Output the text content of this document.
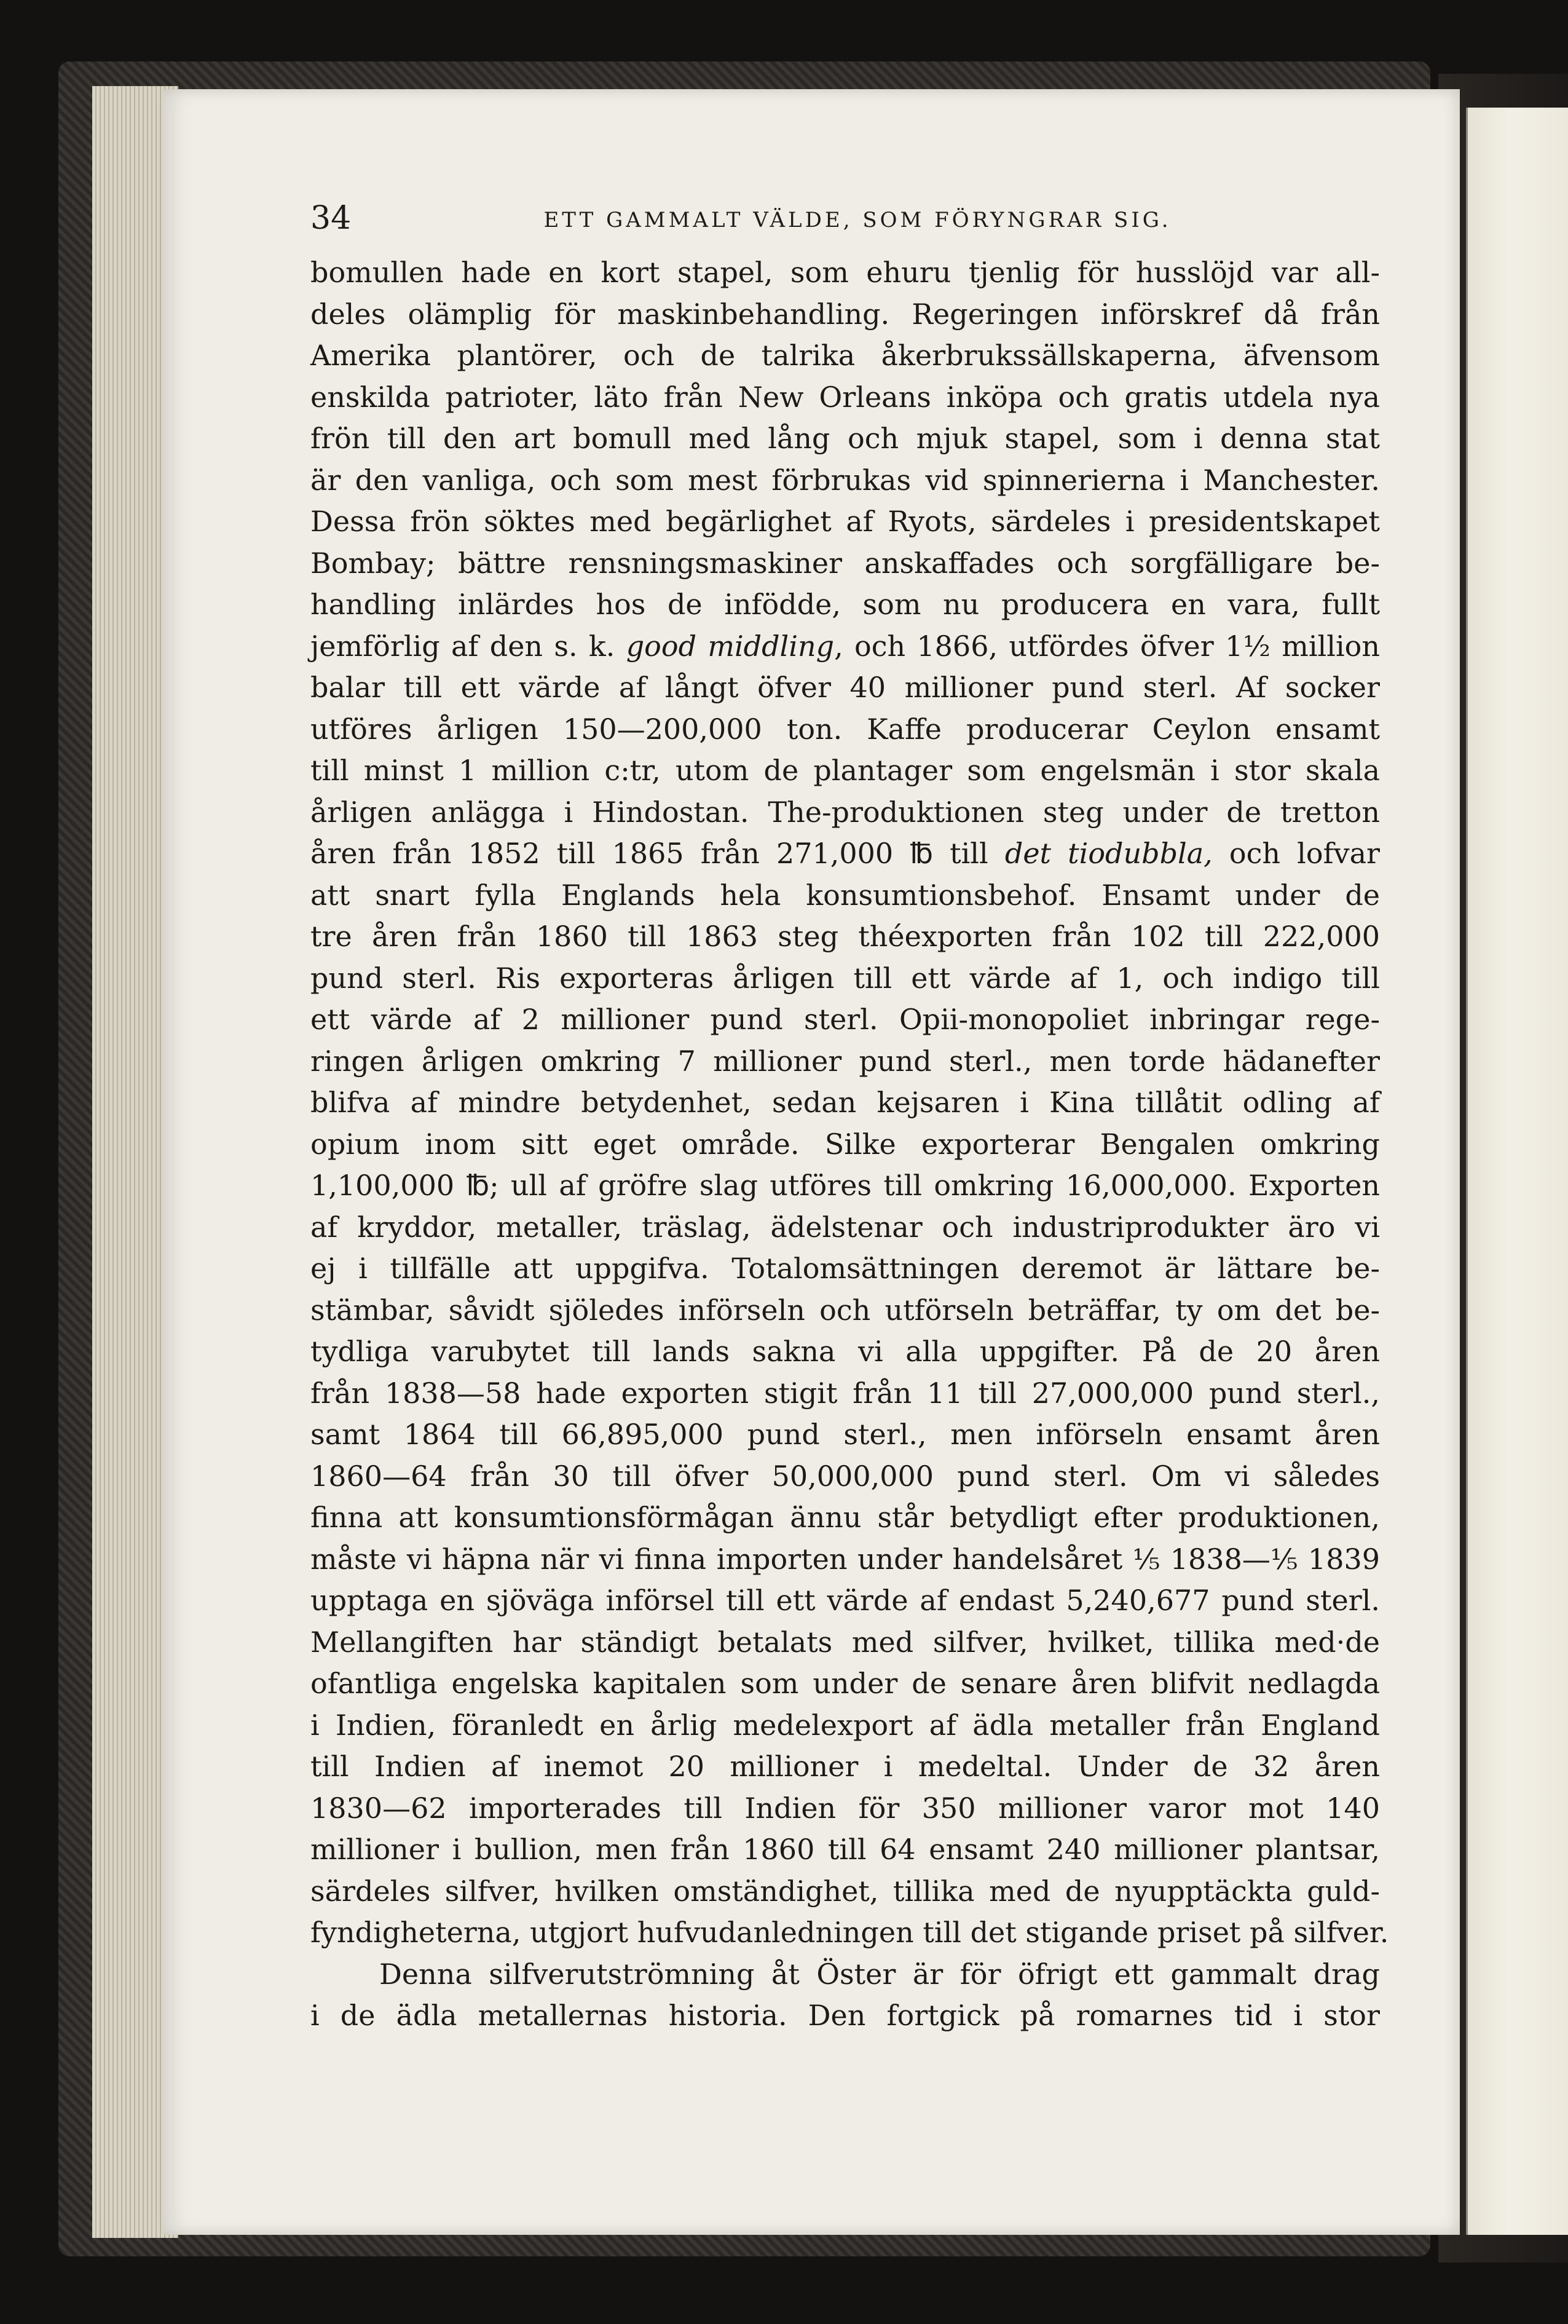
34	ETT GAMMALT VÄLDE, SOM FÖRYNGRAR SIG.
bomullen hade en kort stapel, som ehuru tjenlig för husslöjd var all-
deles olämplig för maskinbehandling. Regeringen införskref då från
Amerika plantörer, och de talrika åkerbrukssällskaperna, äfvensom
enskilda patrioter, läto från New Orleans inköpa och gratis utdela nya
frön till den art bomull med lång och mjuk stapel, som i denna stat
är den vanliga, och som mest förbrukas vid spinnerierna i Manchester.
Dessa frön söktes med begärlighet af Ryots, särdeles i presidentskapet
Bombay; bättre rensningsmaskiner anskaffades och sorgfälligare be-
handling inlärdes hos de infödde, som nu producera en vara, fullt
jemförlig af den s. k. good middling, och 1866, utfördes öfver 1½ million
balar till ett värde af långt öfver 40 millioner pund sterl. Af socker
utföres årligen 150—200,000 ton. Kaffe producerar Ceylon ensamt
till minst 1 million c:tr, utom de plantager som engelsmän i stor skala
årligen anlägga i Hindostan. The-produktionen steg under de tretton
åren från 1852 till 1865 från 271,000 ℔ till det tiodubbla, och lofvar
att snart fylla Englands hela konsumtionsbehof. Ensamt under de
tre åren från 1860 till 1863 steg théexporten från 102 till 222,000
pund sterl. Ris exporteras årligen till ett värde af 1, och indigo till
ett värde af 2 millioner pund sterl. Opii-monopoliet inbringar rege-
ringen årligen omkring 7 millioner pund sterl., men torde hädanefter
blifva af mindre betydenhet, sedan kejsaren i Kina tillåtit odling af
opium inom sitt eget område. Silke exporterar Bengalen omkring
1,100,000 ℔; ull af gröfre slag utföres till omkring 16,000,000. Exporten
af kryddor, metaller, träslag, ädelstenar och industriprodukter äro vi
ej i tillfälle att uppgifva. Totalomsättningen deremot är lättare be-
stämbar, såvidt sjöledes införseln och utförseln beträffar, ty om det be-
tydliga varubytet till lands sakna vi alla uppgifter. På de 20 åren
från 1838—58 hade exporten stigit från 11 till 27,000,000 pund sterl.,
samt 1864 till 66,895,000 pund sterl., men införseln ensamt åren
1860—64 från 30 till öfver 50,000,000 pund sterl. Om vi således
finna att konsumtionsförmågan ännu står betydligt efter produktionen,
måste vi häpna när vi finna importen under handelsåret ⅕ 1838—⅕ 1839
upptaga en sjöväga införsel till ett värde af endast 5,240,677 pund sterl.
Mellangiften har ständigt betalats med silfver, hvilket, tillika med·de
ofantliga engelska kapitalen som under de senare åren blifvit nedlagda
i Indien, föranledt en årlig medelexport af ädla metaller från England
till Indien af inemot 20 millioner i medeltal. Under de 32 åren
1830—62 importerades till Indien för 350 millioner varor mot 140
millioner i bullion, men från 1860 till 64 ensamt 240 millioner plantsar,
särdeles silfver, hvilken omständighet, tillika med de nyupptäckta guld-
fyndigheterna, utgjort hufvudanledningen till det stigande priset på silfver.
Denna silfverutströmning åt Öster är för öfrigt ett gammalt drag
i de ädla metallernas historia. Den fortgick på romarnes tid i stor
